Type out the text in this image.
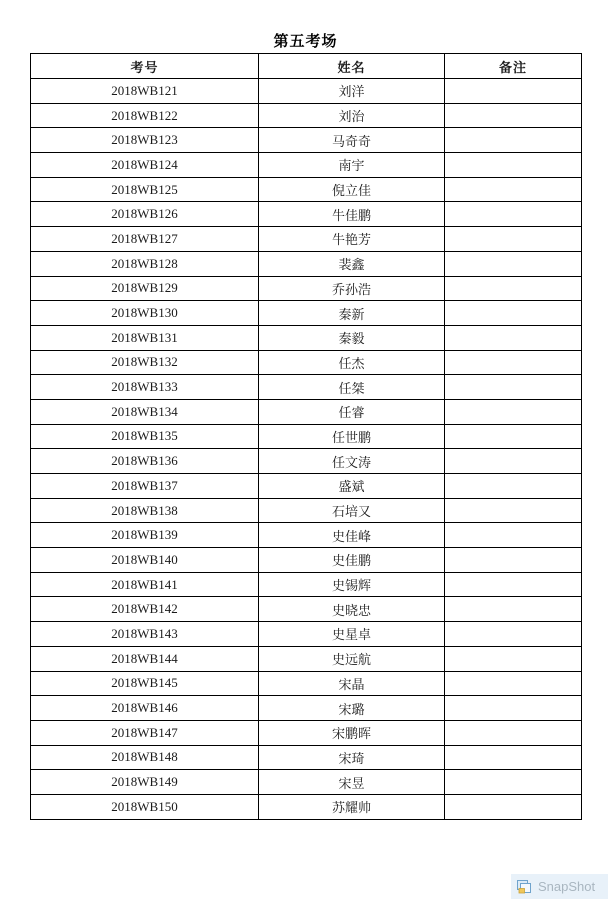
第五考场
考号	姓名	备注
2018WB121	刘洋	
2018WB122	刘治	
2018WB123	马奇奇	
2018WB124	南宇	
2018WB125	倪立佳	
2018WB126	牛佳鹏	
2018WB127	牛艳芳	
2018WB128	裴鑫	
2018WB129	乔孙浩	
2018WB130	秦新	
2018WB131	秦毅	
2018WB132	任杰	
2018WB133	任桀	
2018WB134	任睿	
2018WB135	任世鹏	
2018WB136	任文涛	
2018WB137	盛斌	
2018WB138	石培又	
2018WB139	史佳峰	
2018WB140	史佳鹏	
2018WB141	史锡辉	
2018WB142	史晓忠	
2018WB143	史星卓	
2018WB144	史远航	
2018WB145	宋晶	
2018WB146	宋璐	
2018WB147	宋鹏晖	
2018WB148	宋琦	
2018WB149	宋昱	
2018WB150	苏耀帅	
SnapShot
